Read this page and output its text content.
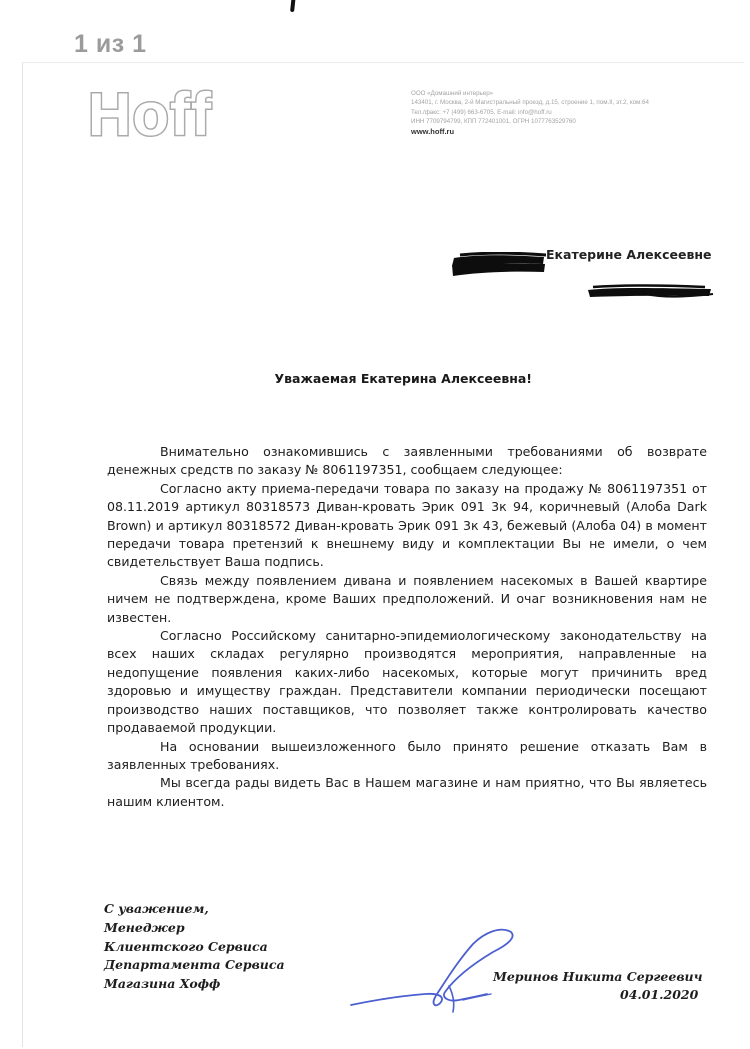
1 из 1
Hoff	ООО «Домашний интерьер»
143401, г. Москва, 2-й Магистральный проезд, д.15, строение 1, пом.II, эт.2, ком.64
Тел./факс: +7 (499) 663-6705, E-mail: info@hoff.ru
ИНН 7709794799, КПП 772401001, ОГРН 1077763529760
www.hoff.ru
Екатерине Алексеевне
Уважаемая Екатерина Алексеевна!

Внимательно ознакомившись с заявленными требованиями об возврате денежных средств по заказу № 8061197351, сообщаем следующее:

Согласно акту приема-передачи товара по заказу на продажу № 8061197351 от 08.11.2019 артикул 80318573 Диван-кровать Эрик 091 3к 94, коричневый (Алоба Dark Brown) и артикул 80318572 Диван-кровать Эрик 091 3к 43, бежевый (Алоба 04) в момент передачи товара претензий к внешнему виду и комплектации Вы не имели, о чем свидетельствует Ваша подпись.

Связь между появлением дивана и появлением насекомых в Вашей квартире ничем не подтверждена, кроме Ваших предположений. И очаг возникновения нам не известен.

Согласно Российскому санитарно-эпидемиологическому законодательству на всех наших складах регулярно производятся мероприятия, направленные на недопущение появления каких-либо насекомых, которые могут причинить вред здоровью и имуществу граждан. Представители компании периодически посещают производство наших поставщиков, что позволяет также контролировать качество продаваемой продукции.

На основании вышеизложенного было принято решение отказать Вам в заявленных требованиях.

Мы всегда рады видеть Вас в Нашем магазине и нам приятно, что Вы являетесь нашим клиентом.

С уважением,
Менеджер
Клиентского Сервиса
Департамента Сервиса
Магазина Хофф	Меринов Никита Сергеевич
04.01.2020
